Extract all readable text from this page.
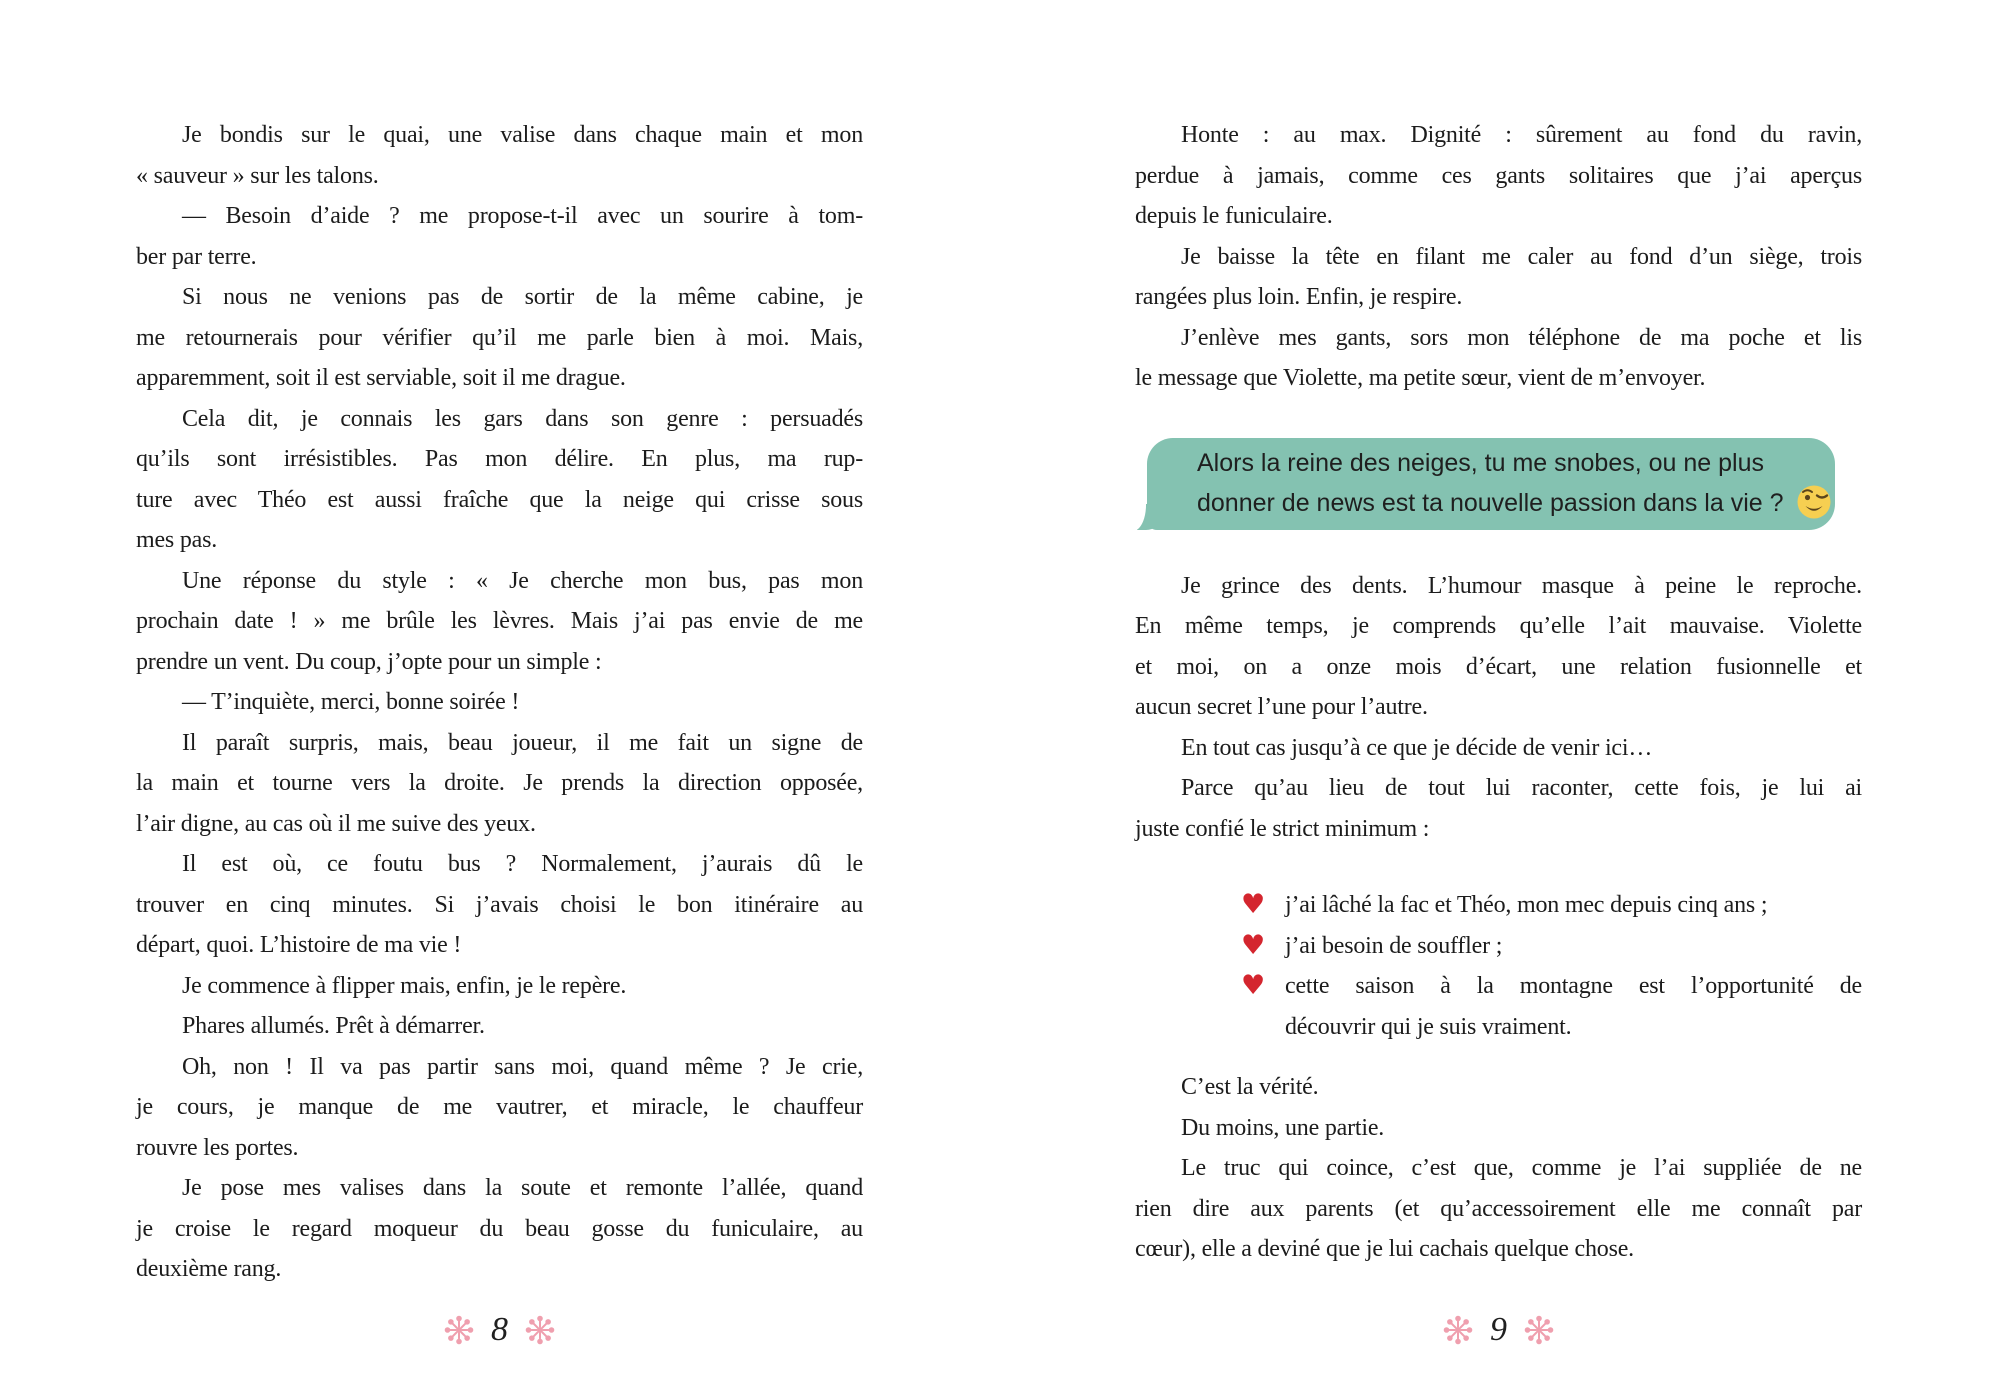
Je bondis sur le quai, une valise dans chaque main et mon
« sauveur » sur les talons.
— Besoin d’aide ? me propose-t-il avec un sourire à tom-
ber par terre.
Si nous ne venions pas de sortir de la même cabine, je
me retournerais pour vérifier qu’il me parle bien à moi. Mais,
apparemment, soit il est serviable, soit il me drague.
Cela dit, je connais les gars dans son genre : persuadés
qu’ils sont irrésistibles. Pas mon délire. En plus, ma rup-
ture avec Théo est aussi fraîche que la neige qui crisse sous
mes pas.
Une réponse du style : « Je cherche mon bus, pas mon
prochain date ! » me brûle les lèvres. Mais j’ai pas envie de me
prendre un vent. Du coup, j’opte pour un simple :
— T’inquiète, merci, bonne soirée !
Il paraît surpris, mais, beau joueur, il me fait un signe de
la main et tourne vers la droite. Je prends la direction opposée,
l’air digne, au cas où il me suive des yeux.
Il est où, ce foutu bus ? Normalement, j’aurais dû le
trouver en cinq minutes. Si j’avais choisi le bon itinéraire au
départ, quoi. L’histoire de ma vie !
Je commence à flipper mais, enfin, je le repère.
Phares allumés. Prêt à démarrer.
Oh, non ! Il va pas partir sans moi, quand même ? Je crie,
je cours, je manque de me vautrer, et miracle, le chauffeur
rouvre les portes.
Je pose mes valises dans la soute et remonte l’allée, quand
je croise le regard moqueur du beau gosse du funiculaire, au
deuxième rang.
Honte : au max. Dignité : sûrement au fond du ravin,
perdue à jamais, comme ces gants solitaires que j’ai aperçus
depuis le funiculaire.
Je baisse la tête en filant me caler au fond d’un siège, trois
rangées plus loin. Enfin, je respire.
J’enlève mes gants, sors mon téléphone de ma poche et lis
le message que Violette, ma petite sœur, vient de m’envoyer.
Alors la reine des neiges, tu me snobes, ou ne plus
donner de news est ta nouvelle passion dans la vie ?
Je grince des dents. L’humour masque à peine le reproche.
En même temps, je comprends qu’elle l’ait mauvaise. Violette
et moi, on a onze mois d’écart, une relation fusionnelle et
aucun secret l’une pour l’autre.
En tout cas jusqu’à ce que je décide de venir ici…
Parce qu’au lieu de tout lui raconter, cette fois, je lui ai
juste confié le strict minimum :
♥ j’ai lâché la fac et Théo, mon mec depuis cinq ans ;
♥ j’ai besoin de souffler ;
♥ cette saison à la montagne est l’opportunité de
découvrir qui je suis vraiment.
C’est la vérité.
Du moins, une partie.
Le truc qui coince, c’est que, comme je l’ai suppliée de ne
rien dire aux parents (et qu’accessoirement elle me connaît par
cœur), elle a deviné que je lui cachais quelque chose.
8	9
